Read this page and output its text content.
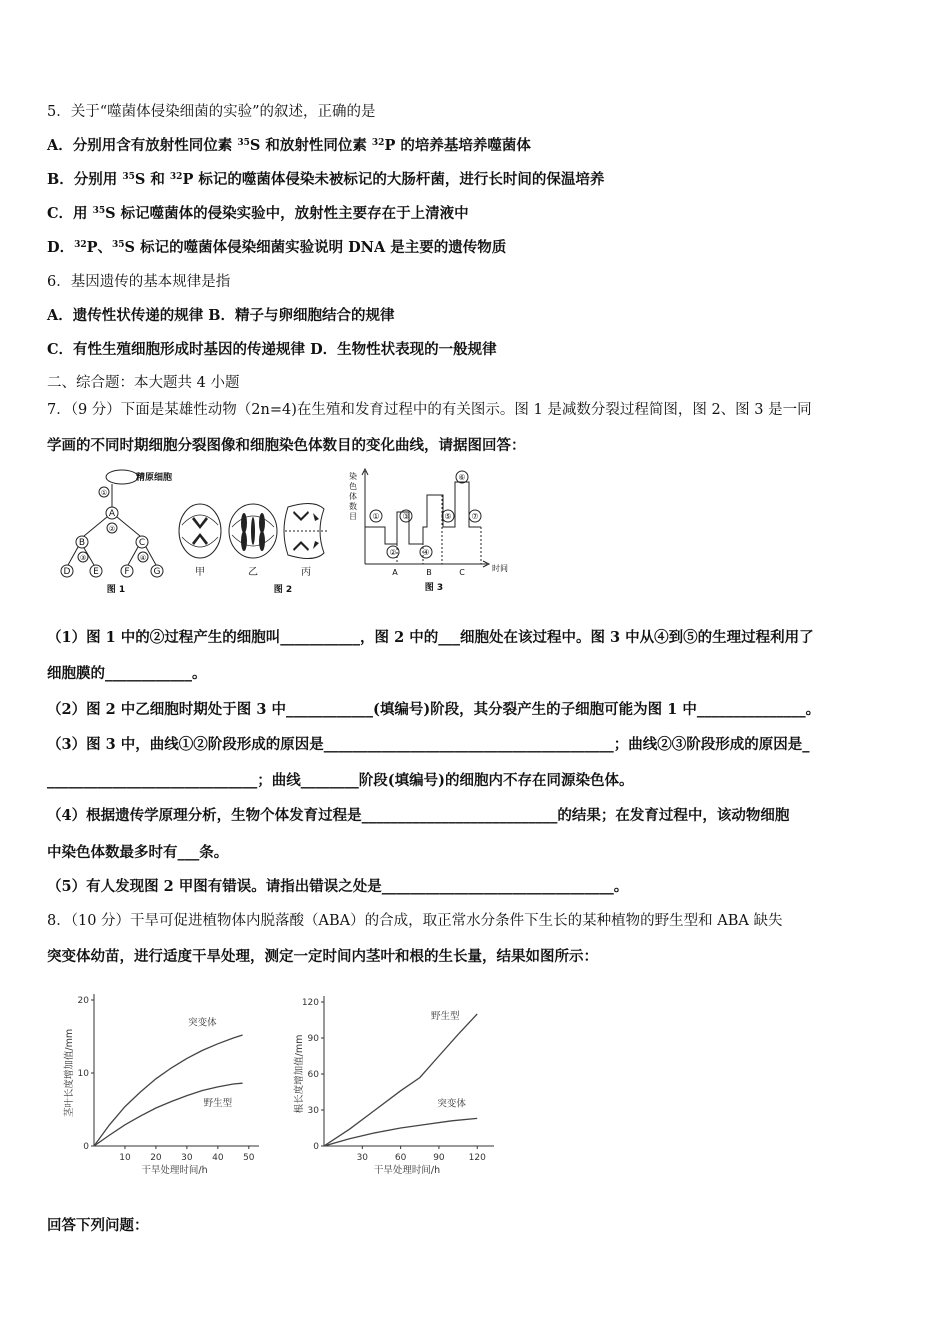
5．关于“噬菌体侵染细菌的实验”的叙述，正确的是
A．分别用含有放射性同位素 $^{35}$S 和放射性同位素 $^{32}$P 的培养基培养噬菌体
B．分别用 $^{35}$S 和 $^{32}$P 标记的噬菌体侵染未被标记的大肠杆菌，进行长时间的保温培养
C．用 $^{35}$S 标记噬菌体的侵染实验中，放射性主要存在于上清液中
D．$^{32}$P、$^{35}$S 标记的噬菌体侵染细菌实验说明 DNA 是主要的遗传物质
6．基因遗传的基本规律是指
A．遗传性状传递的规律 B．精子与卵细胞结合的规律
C．有性生殖细胞形成时基因的传递规律 D．生物性状表现的一般规律
二、综合题：本大题共 4 小题
7．（9 分）下面是某雄性动物（2n=4)在生殖和发育过程中的有关图示。图 1 是减数分裂过程简图，图 2、图 3 是一同
学画的不同时期细胞分裂图像和细胞染色体数目的变化曲线，请据图回答：
精原细胞
①
A
②
B	C
③	④
D	E	F	G
图 1
甲	乙	丙
图 2
染
色
体
数
目 ①
②
③
④
⑤
⑥
⑦
A	B	C	时间
图 3
（1）图 1 中的②过程产生的细胞叫___________，图 2 中的___细胞处在该过程中。图 3 中从④到⑤的生理过程利用了
细胞膜的____________。
（2）图 2 中乙细胞时期处于图 3 中____________(填编号)阶段，其分裂产生的子细胞可能为图 1 中_______________。
（3）图 3 中，曲线①②阶段形成的原因是________________________________________；曲线②③阶段形成的原因是_
_____________________________；曲线________阶段(填编号)的细胞内不存在同源染色体。
（4）根据遗传学原理分析，生物个体发育过程是___________________________的结果；在发育过程中，该动物细胞
中染色体数最多时有___条。
（5）有人发现图 2 甲图有错误。请指出错误之处是________________________________。
8．（10 分）干旱可促进植物体内脱落酸（ABA）的合成，取正常水分条件下生长的某种植物的野生型和 ABA 缺失
突变体幼苗，进行适度干旱处理，测定一定时间内茎叶和根的生长量，结果如图所示：
10 20 30 40 50
0
10
20
干旱处理时间/h
茎叶长度增加值/mm
突变体
野生型
30	60	90	120
0
30
60
90
120
干旱处理时间/h
根长度增加值/mm
野生型
突变体
回答下列问题：
